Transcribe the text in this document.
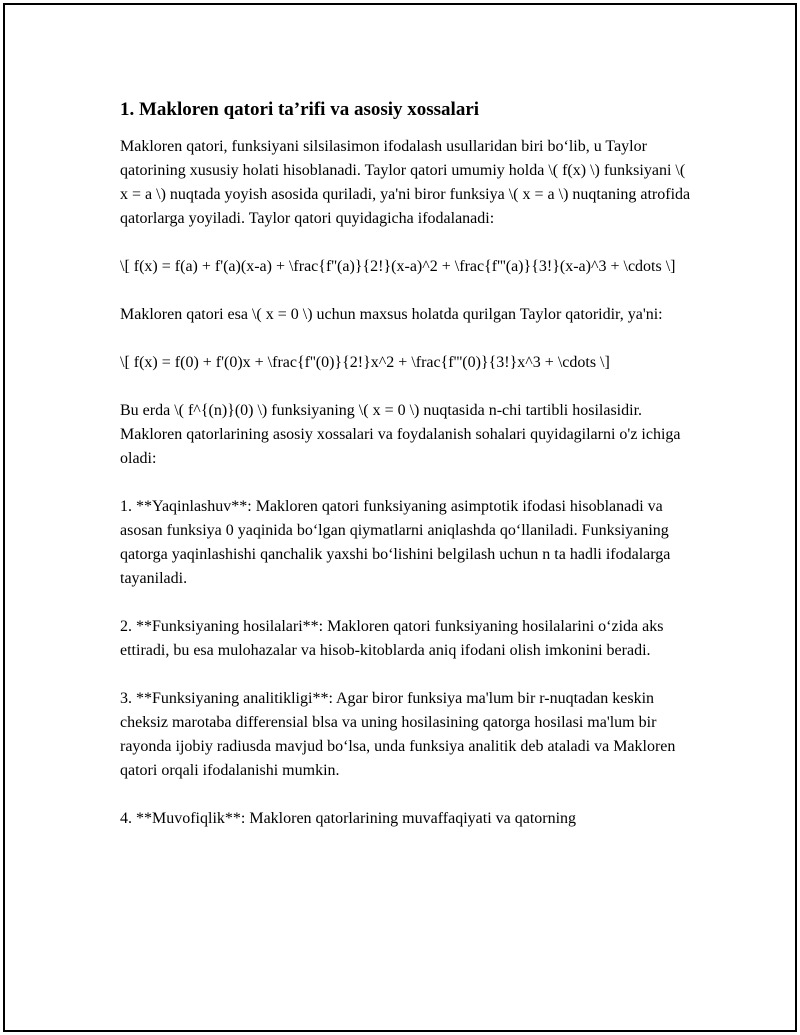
1. Makloren qatori ta’rifi va asosiy xossalari

Makloren qatori, funksiyani silsilasimon ifodalash usullaridan biri bo‘lib, u Taylor qatorining xususiy holati hisoblanadi. Taylor qatori umumiy holda \( f(x) \) funksiyani \( x = a \) nuqtada yoyish asosida quriladi, ya'ni biror funksiya \( x = a \) nuqtaning atrofida qatorlarga yoyiladi. Taylor qatori quyidagicha ifodalanadi:

\[ f(x) = f(a) + f'(a)(x-a) + \frac{f''(a)}{2!}(x-a)^2 + \frac{f'''(a)}{3!}(x-a)^3 + \cdots \]

Makloren qatori esa \( x = 0 \) uchun maxsus holatda qurilgan Taylor qatoridir, ya'ni:

\[ f(x) = f(0) + f'(0)x + \frac{f''(0)}{2!}x^2 + \frac{f'''(0)}{3!}x^3 + \cdots \]

Bu erda \( f^{(n)}(0) \) funksiyaning \( x = 0 \) nuqtasida n-chi tartibli hosilasidir. Makloren qatorlarining asosiy xossalari va foydalanish sohalari quyidagilarni o'z ichiga oladi:

1. **Yaqinlashuv**: Makloren qatori funksiyaning asimptotik ifodasi hisoblanadi va asosan funksiya 0 yaqinida bo‘lgan qiymatlarni aniqlashda qo‘llaniladi. Funksiyaning qatorga yaqinlashishi qanchalik yaxshi bo‘lishini belgilash uchun n ta hadli ifodalarga tayaniladi.

2. **Funksiyaning hosilalari**: Makloren qatori funksiyaning hosilalarini o‘zida aks ettiradi, bu esa mulohazalar va hisob-kitoblarda aniq ifodani olish imkonini beradi.

3. **Funksiyaning analitikligi**: Agar biror funksiya ma'lum bir r-nuqtadan keskin cheksiz marotaba differensial blsa va uning hosilasining qatorga hosilasi ma'lum bir rayonda ijobiy radiusda mavjud bo‘lsa, unda funksiya analitik deb ataladi va Makloren qatori orqali ifodalanishi mumkin.

4. **Muvofiqlik**: Makloren qatorlarining muvaffaqiyati va qatorning
